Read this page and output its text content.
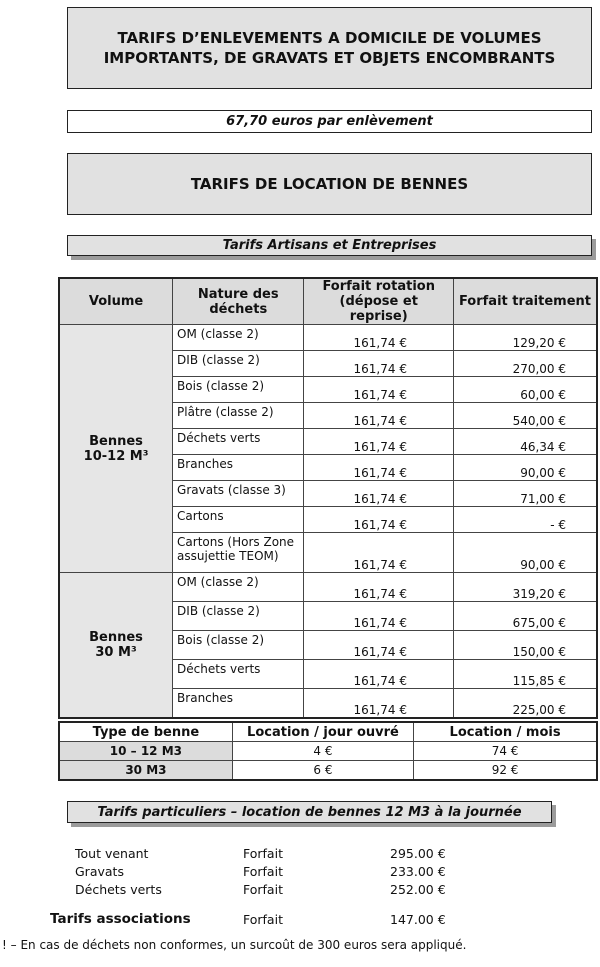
TARIFS D’ENLEVEMENTS A DOMICILE DE VOLUMES
IMPORTANTS, DE GRAVATS ET OBJETS ENCOMBRANTS
67,70 euros par enlèvement
TARIFS DE LOCATION DE BENNES
Tarifs Artisans et Entreprises
Volume	Nature des déchets	Forfait rotation (dépose et reprise)	Forfait traitement

Bennes
10-12 M³	OM (classe 2)	161,74 €	129,20 €
	DIB (classe 2)	161,74 €	270,00 €
	Bois (classe 2)	161,74 €	60,00 €
	Plâtre (classe 2)	161,74 €	540,00 €
	Déchets verts	161,74 €	46,34 €
	Branches	161,74 €	90,00 €
	Gravats (classe 3)	161,74 €	71,00 €
	Cartons	161,74 €	- €
	Cartons (Hors Zone assujettie TEOM)	161,74 €	90,00 €

Bennes
30 M³	OM (classe 2)	161,74 €	319,20 €
	DIB (classe 2)	161,74 €	675,00 €
	Bois (classe 2)	161,74 €	150,00 €
	Déchets verts	161,74 €	115,85 €
	Branches	161,74 €	225,00 €
Type de benne	Location / jour ouvré	Location / mois
10 – 12 M3	4 €	74 €
30 M3	6 €	92 €
Tarifs particuliers – location de bennes 12 M3 à la journée
Tout venant	Forfait	295.00 €
Gravats	Forfait	233.00 €
Déchets verts	Forfait	252.00 €
Tarifs associations	Forfait	147.00 €
! – En cas de déchets non conformes, un surcoût de 300 euros sera appliqué.
